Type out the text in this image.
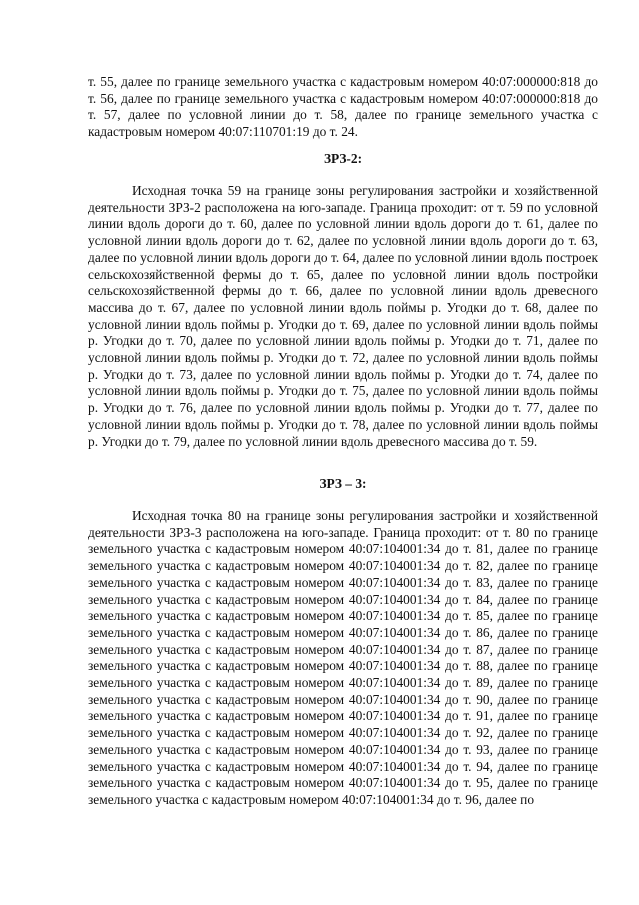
т. 55, далее по границе земельного участка с кадастровым номером 40:07:000000:818 до т. 56, далее по границе земельного участка с кадастровым номером 40:07:000000:818 до т. 57, далее по условной линии до т. 58, далее по границе земельного участка с кадастровым номером 40:07:110701:19 до т. 24.

ЗРЗ-2:

Исходная точка 59 на границе зоны регулирования застройки и хозяйственной деятельности ЗРЗ-2 расположена на юго-западе. Граница проходит: от т. 59 по условной линии вдоль дороги до т. 60, далее по условной линии вдоль дороги до т. 61, далее по условной линии вдоль дороги до т. 62, далее по условной линии вдоль дороги до т. 63, далее по условной линии вдоль дороги до т. 64, далее по условной линии вдоль построек сельскохозяйственной фермы до т. 65, далее по условной линии вдоль постройки сельскохозяйственной фермы до т. 66, далее по условной линии вдоль древесного массива до т. 67, далее по условной линии вдоль поймы р. Угодки до т. 68, далее по условной линии вдоль поймы р. Угодки до т. 69, далее по условной линии вдоль поймы р. Угодки до т. 70, далее по условной линии вдоль поймы р. Угодки до т. 71, далее по условной линии вдоль поймы р. Угодки до т. 72, далее по условной линии вдоль поймы р. Угодки до т. 73, далее по условной линии вдоль поймы р. Угодки до т. 74, далее по условной линии вдоль поймы р. Угодки до т. 75, далее по условной линии вдоль поймы р. Угодки до т. 76, далее по условной линии вдоль поймы р. Угодки до т. 77, далее по условной линии вдоль поймы р. Угодки до т. 78, далее по условной линии вдоль поймы р. Угодки до т. 79, далее по условной линии вдоль древесного массива до т. 59.

ЗРЗ – 3:

Исходная точка 80 на границе зоны регулирования застройки и хозяйственной деятельности ЗРЗ-3 расположена на юго-западе. Граница проходит: от т. 80 по границе земельного участка с кадастровым номером 40:07:104001:34 до т. 81, далее по границе земельного участка с кадастровым номером 40:07:104001:34 до т. 82, далее по границе земельного участка с кадастровым номером 40:07:104001:34 до т. 83, далее по границе земельного участка с кадастровым номером 40:07:104001:34 до т. 84, далее по границе земельного участка с кадастровым номером 40:07:104001:34 до т. 85, далее по границе земельного участка с кадастровым номером 40:07:104001:34 до т. 86, далее по границе земельного участка с кадастровым номером 40:07:104001:34 до т. 87, далее по границе земельного участка с кадастровым номером 40:07:104001:34 до т. 88, далее по границе земельного участка с кадастровым номером 40:07:104001:34 до т. 89, далее по границе земельного участка с кадастровым номером 40:07:104001:34 до т. 90, далее по границе земельного участка с кадастровым номером 40:07:104001:34 до т. 91, далее по границе земельного участка с кадастровым номером 40:07:104001:34 до т. 92, далее по границе земельного участка с кадастровым номером 40:07:104001:34 до т. 93, далее по границе земельного участка с кадастровым номером 40:07:104001:34 до т. 94, далее по границе земельного участка с кадастровым номером 40:07:104001:34 до т. 95, далее по границе земельного участка с кадастровым номером 40:07:104001:34 до т. 96, далее по
